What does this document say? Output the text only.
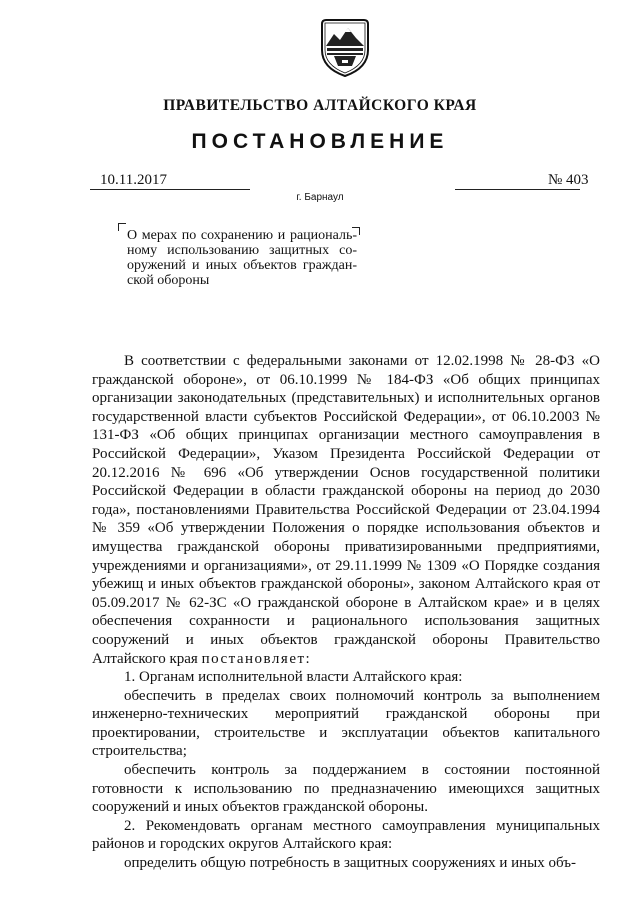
ПРАВИТЕЛЬСТВО АЛТАЙСКОГО КРАЯ
ПОСТАНОВЛЕНИЕ
10.11.2017	№ 403
г. Барнаул
О мерах по сохранению и рациональ-ному использованию защитных со-оружений и иных объектов граждан-ской обороны

В соответствии с федеральными законами от 12.02.1998 № 28-ФЗ «О гражданской обороне», от 06.10.1999 № 184-ФЗ «Об общих принципах организации законодательных (представительных) и исполнительных органов государственной власти субъектов Российской Федерации», от 06.10.2003 № 131-ФЗ «Об общих принципах организации местного самоуправления в Российской Федерации», Указом Президента Российской Федерации от 20.12.2016 № 696 «Об утверждении Основ государственной политики Российской Федерации в области гражданской обороны на период до 2030 года», постановлениями Правительства Российской Федерации от 23.04.1994 № 359 «Об утверждении Положения о порядке использования объектов и имущества гражданской обороны приватизированными предприятиями, учреждениями и организациями», от 29.11.1999 № 1309 «О Порядке создания убежищ и иных объектов гражданской обороны», законом Алтайского края от 05.09.2017 № 62-ЗС «О гражданской обороне в Алтайском крае» и в целях обеспечения сохранности и рационального использования защитных сооружений и иных объектов гражданской обороны Правительство Алтайского края постановляет:

1. Органам исполнительной власти Алтайского края:

обеспечить в пределах своих полномочий контроль за выполнением инженерно-технических мероприятий гражданской обороны при проектировании, строительстве и эксплуатации объектов капитального строительства;

обеспечить контроль за поддержанием в состоянии постоянной готовности к использованию по предназначению имеющихся защитных сооружений и иных объектов гражданской обороны.

2. Рекомендовать органам местного самоуправления муниципальных районов и городских округов Алтайского края:

определить общую потребность в защитных сооружениях и иных объ-
